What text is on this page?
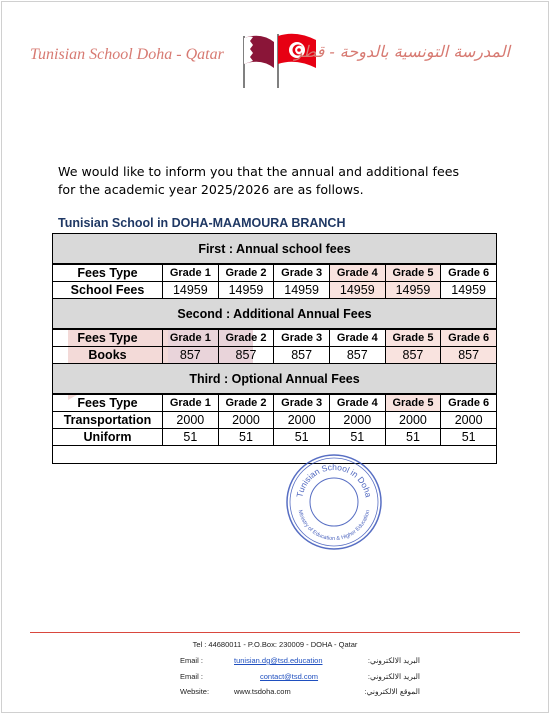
Tunisian School Doha - Qatar	المدرسة التونسية بالدوحة - قطر
We would like to inform you that the annual and additional fees
for the academic year 2025/2026 are as follows.
Tunisian School in DOHA-MAAMOURA BRANCH
First : Annual school fees						

Fees Type	Grade 1	Grade 2	Grade 3	Grade 4	Grade 5	Grade 6
School Fees	14959	14959	14959	14959	14959	14959
Second : Additional Annual Fees						

Fees Type	Grade 1	Grade 2	Grade 3	Grade 4	Grade 5	Grade 6
Books	857	857	857	857	857	857
Third : Optional Annual Fees						

Fees Type	Grade 1	Grade 2	Grade 3	Grade 4	Grade 5	Grade 6
Transportation	2000	2000	2000	2000	2000	2000
Uniform	51	51	51	51	51	51

Tunisian School in Doha
Ministry of Education & Higher Education
Tel : 44680011 - P.O.Box: 230009 - DOHA - Qatar
Email :	tunisian.dg@tsd.education	البريد الالكتروني:
Email :	contact@tsd.com	البريد الالكتروني:
Website:	www.tsdoha.com	الموقع الالكتروني:
